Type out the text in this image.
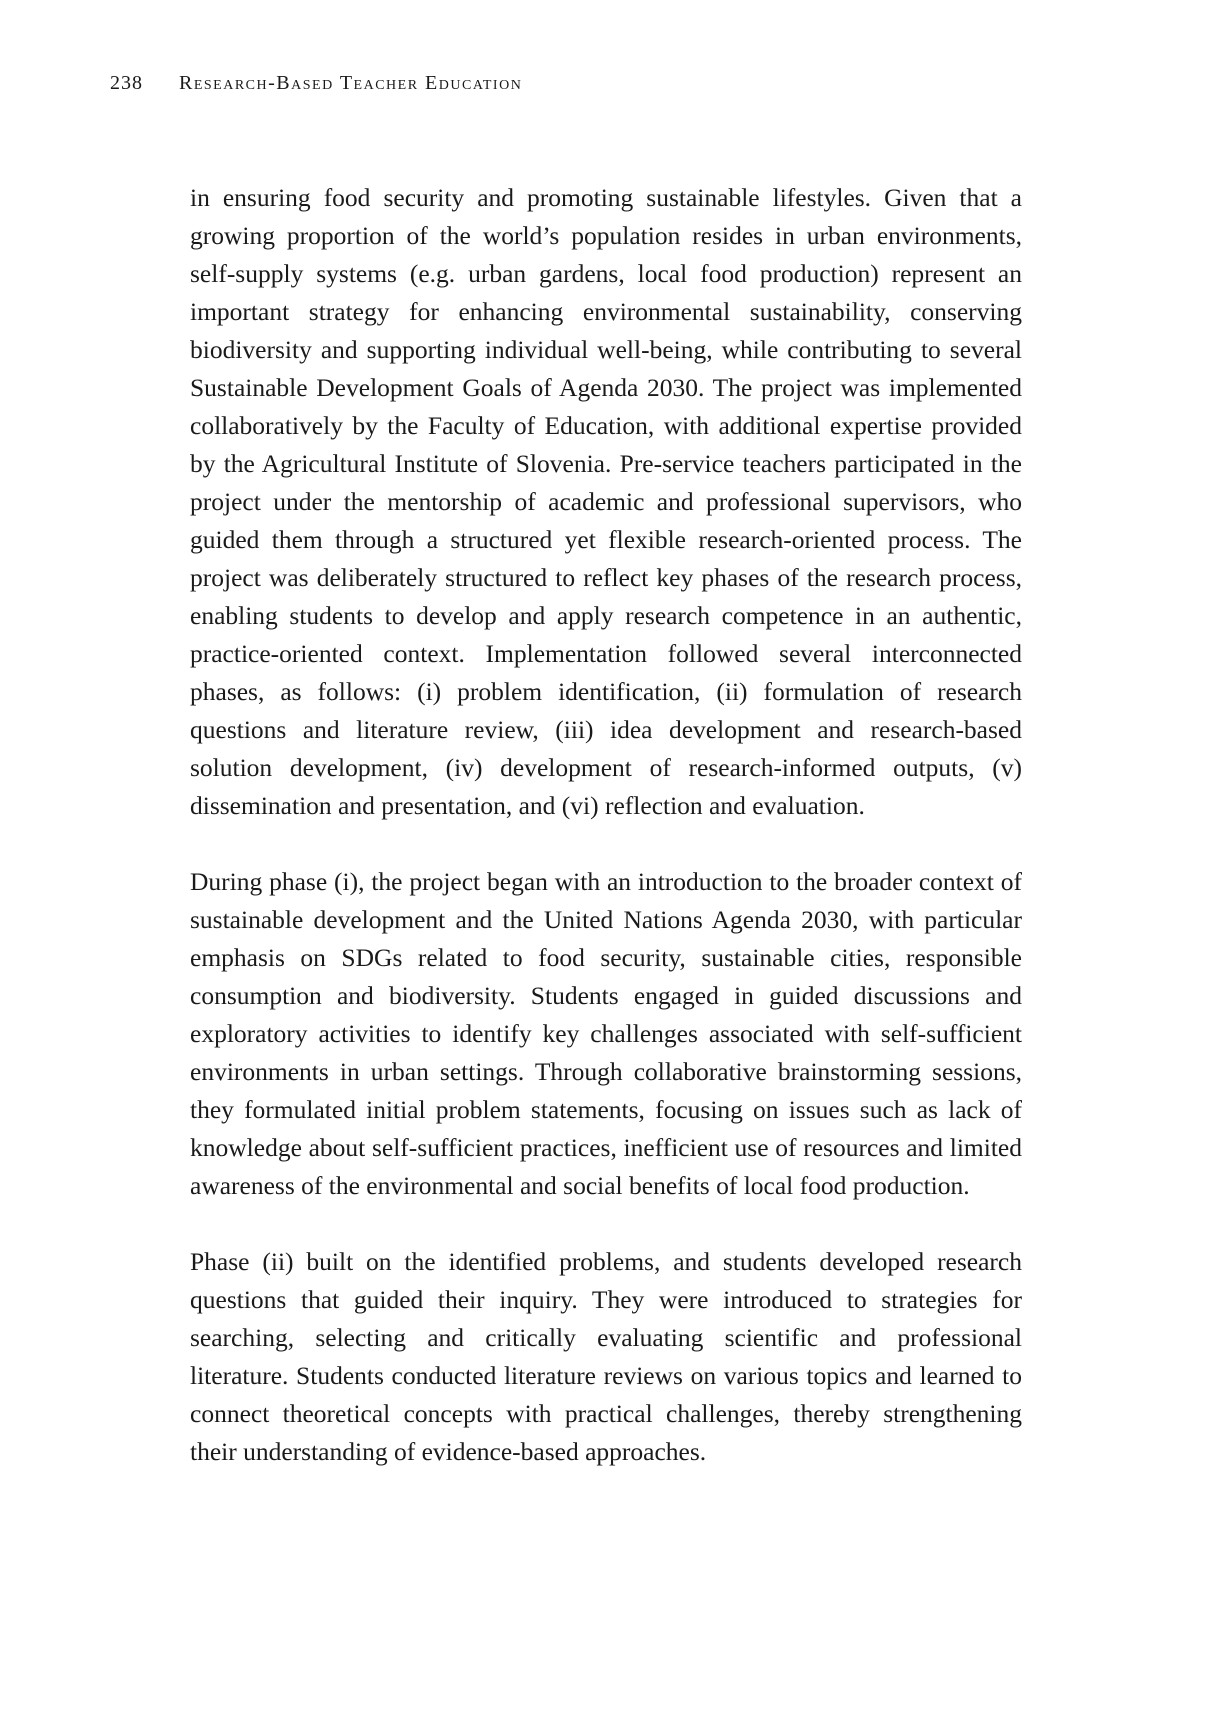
238 Research-Based Teacher Education

in ensuring food security and promoting sustainable lifestyles. Given that a growing proportion of the world’s population resides in urban environments, self-supply systems (e.g. urban gardens, local food production) represent an important strategy for enhancing environmental sustainability, conserving biodiversity and supporting individual well-being, while contributing to several Sustainable Development Goals of Agenda 2030. The project was implemented collaboratively by the Faculty of Education, with additional expertise provided by the Agricultural Institute of Slovenia. Pre-service teachers participated in the project under the mentorship of academic and professional supervisors, who guided them through a structured yet flexible research-oriented process. The project was deliberately structured to reflect key phases of the research process, enabling students to develop and apply research competence in an authentic, practice-oriented context. Implementation followed several interconnected phases, as follows: (i) problem identification, (ii) formulation of research questions and literature review, (iii) idea development and research-based solution development, (iv) development of research-informed outputs, (v) dissemination and presentation, and (vi) reflection and evaluation.

During phase (i), the project began with an introduction to the broader context of sustainable development and the United Nations Agenda 2030, with particular emphasis on SDGs related to food security, sustainable cities, responsible consumption and biodiversity. Students engaged in guided discussions and exploratory activities to identify key challenges associated with self-sufficient environments in urban settings. Through collaborative brainstorming sessions, they formulated initial problem statements, focusing on issues such as lack of knowledge about self-sufficient practices, inefficient use of resources and limited awareness of the environmental and social benefits of local food production.

Phase (ii) built on the identified problems, and students developed research questions that guided their inquiry. They were introduced to strategies for searching, selecting and critically evaluating scientific and professional literature. Students conducted literature reviews on various topics and learned to connect theoretical concepts with practical challenges, thereby strengthening their understanding of evidence-based approaches.
